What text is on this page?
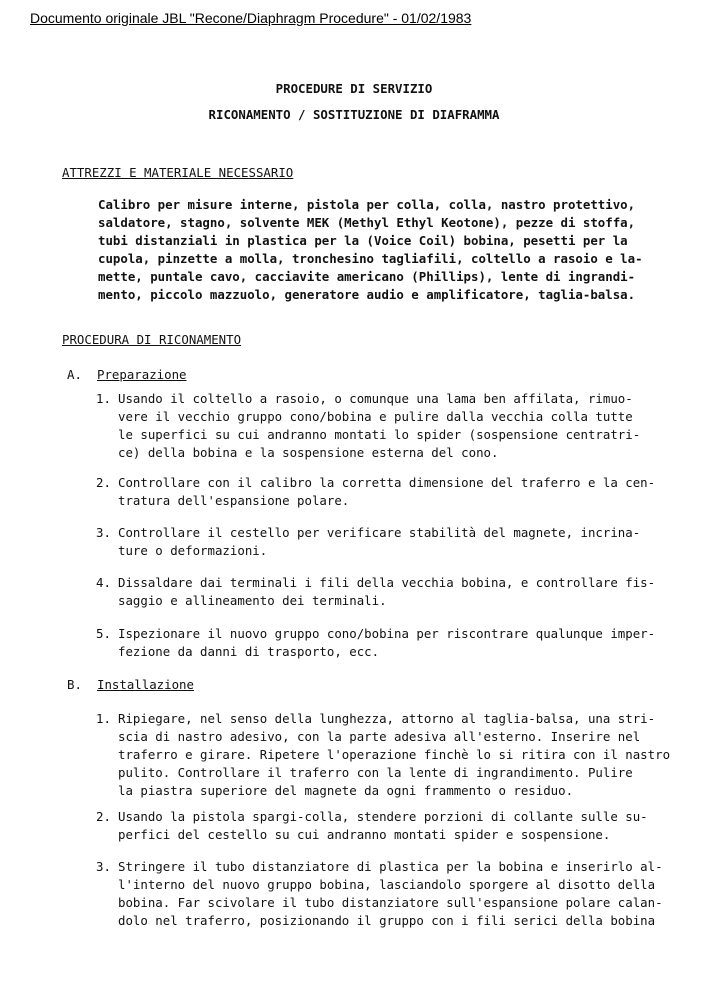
Documento originale JBL "Recone/Diaphragm Procedure" - 01/02/1983
PROCEDURE DI SERVIZIO
RICONAMENTO / SOSTITUZIONE DI DIAFRAMMA
ATTREZZI E MATERIALE NECESSARIO
Calibro per misure interne, pistola per colla, colla, nastro protettivo,
saldatore, stagno, solvente MEK (Methyl Ethyl Keotone), pezze di stoffa,
tubi distanziali in plastica per la (Voice Coil) bobina, pesetti per la
cupola, pinzette a molla, tronchesino tagliafili, coltello a rasoio e la-
mette, puntale cavo, cacciavite americano (Phillips), lente di ingrandi-
mento, piccolo mazzuolo, generatore audio e amplificatore, taglia-balsa.
PROCEDURA DI RICONAMENTO
A. Preparazione
1. Usando il coltello a rasoio, o comunque una lama ben affilata, rimuo-
vere il vecchio gruppo cono/bobina e pulire dalla vecchia colla tutte
le superfici su cui andranno montati lo spider (sospensione centratri-
ce) della bobina e la sospensione esterna del cono.
2. Controllare con il calibro la corretta dimensione del traferro e la cen-
tratura dell'espansione polare.
3. Controllare il cestello per verificare stabilità del magnete, incrina-
ture o deformazioni.
4. Dissaldare dai terminali i fili della vecchia bobina, e controllare fis-
saggio e allineamento dei terminali.
5. Ispezionare il nuovo gruppo cono/bobina per riscontrare qualunque imper-
fezione da danni di trasporto, ecc.
B. Installazione
1. Ripiegare, nel senso della lunghezza, attorno al taglia-balsa, una stri-
scia di nastro adesivo, con la parte adesiva all'esterno. Inserire nel
traferro e girare. Ripetere l'operazione finchè lo si ritira con il nastro
pulito. Controllare il traferro con la lente di ingrandimento. Pulire
la piastra superiore del magnete da ogni frammento o residuo.
2. Usando la pistola spargi-colla, stendere porzioni di collante sulle su-
perfici del cestello su cui andranno montati spider e sospensione.
3. Stringere il tubo distanziatore di plastica per la bobina e inserirlo al-
l'interno del nuovo gruppo bobina, lasciandolo sporgere al disotto della
bobina. Far scivolare il tubo distanziatore sull'espansione polare calan-
dolo nel traferro, posizionando il gruppo con i fili serici della bobina
